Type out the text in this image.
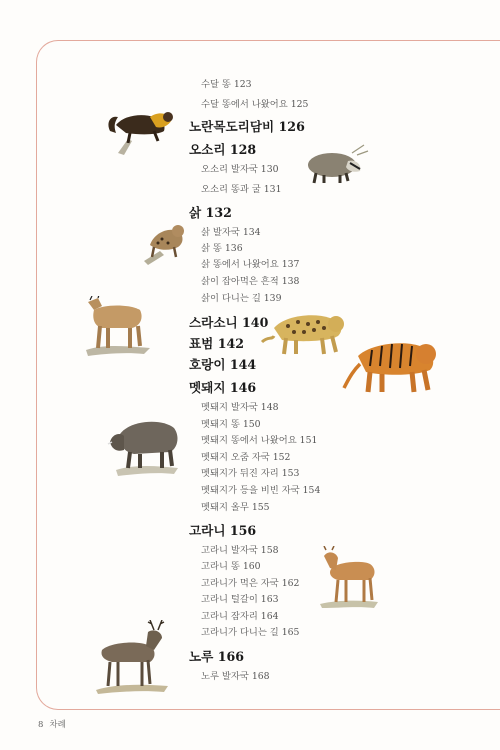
수달 똥 123
수달 똥에서 나왔어요 125
노란목도리담비 126
오소리 128
오소리 발자국 130
오소리 똥과 굴 131
삵 132
삵 발자국 134
삵 똥 136
삵 똥에서 나왔어요 137
삵이 잡아먹은 흔적 138
삵이 다니는 길 139
스라소니 140
표범 142
호랑이 144
멧돼지 146
멧돼지 발자국 148
멧돼지 똥 150
멧돼지 똥에서 나왔어요 151
멧돼지 오줌 자국 152
멧돼지가 뒤진 자리 153
멧돼지가 등을 비빈 자국 154
멧돼지 올무 155
고라니 156
고라니 발자국 158
고라니 똥 160
고라니가 먹은 자국 162
고라니 털갈이 163
고라니 잠자리 164
고라니가 다니는 길 165
노루 166
노루 발자국 168
8 차례
